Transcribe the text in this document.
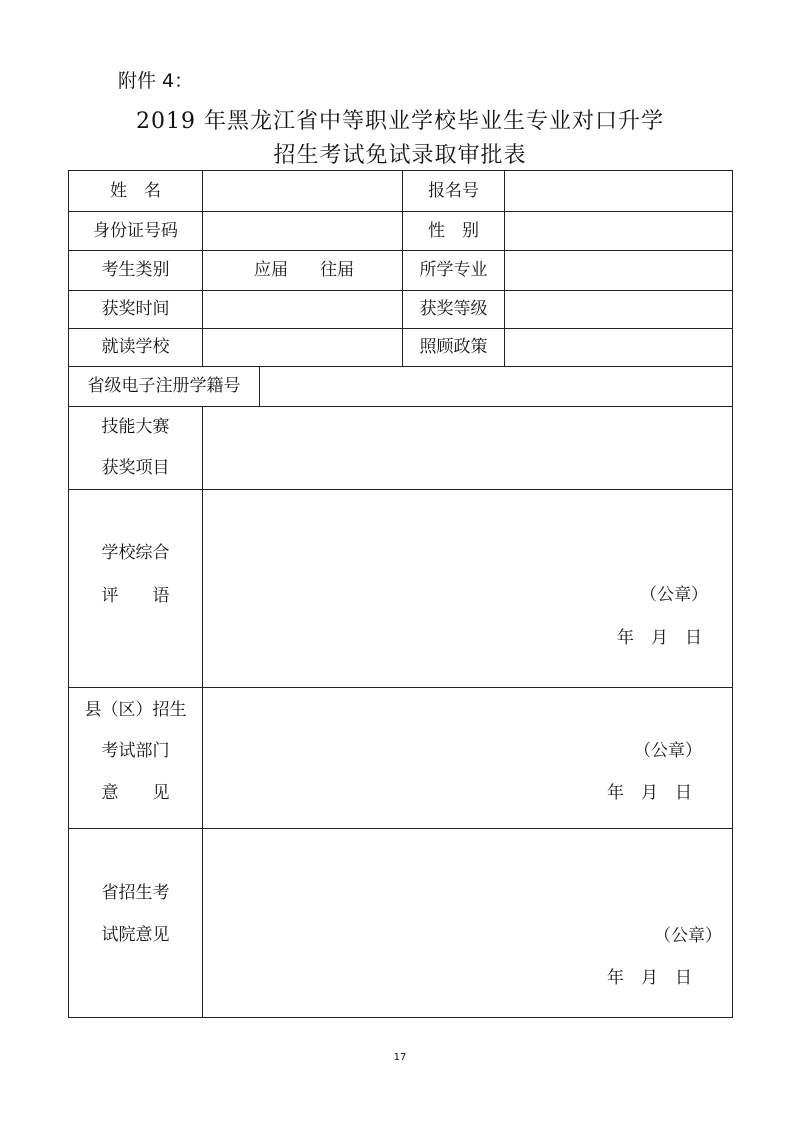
附件 4：
2019 年黑龙江省中等职业学校毕业生专业对口升学
招生考试免试录取审批表
姓　名	报名号
身份证号码	性　别
考生类别	应届 往届	所学专业
获奖时间	获奖等级
就读学校	照顾政策
省级电子注册学籍号
技能大赛
获奖项目
学校综合
评　　语	（公章）
年　月　日
县（区）招生
考试部门
意　　见
（公章）
年　月　日
省招生考
试院意见	（公章）
年　月　日
17
